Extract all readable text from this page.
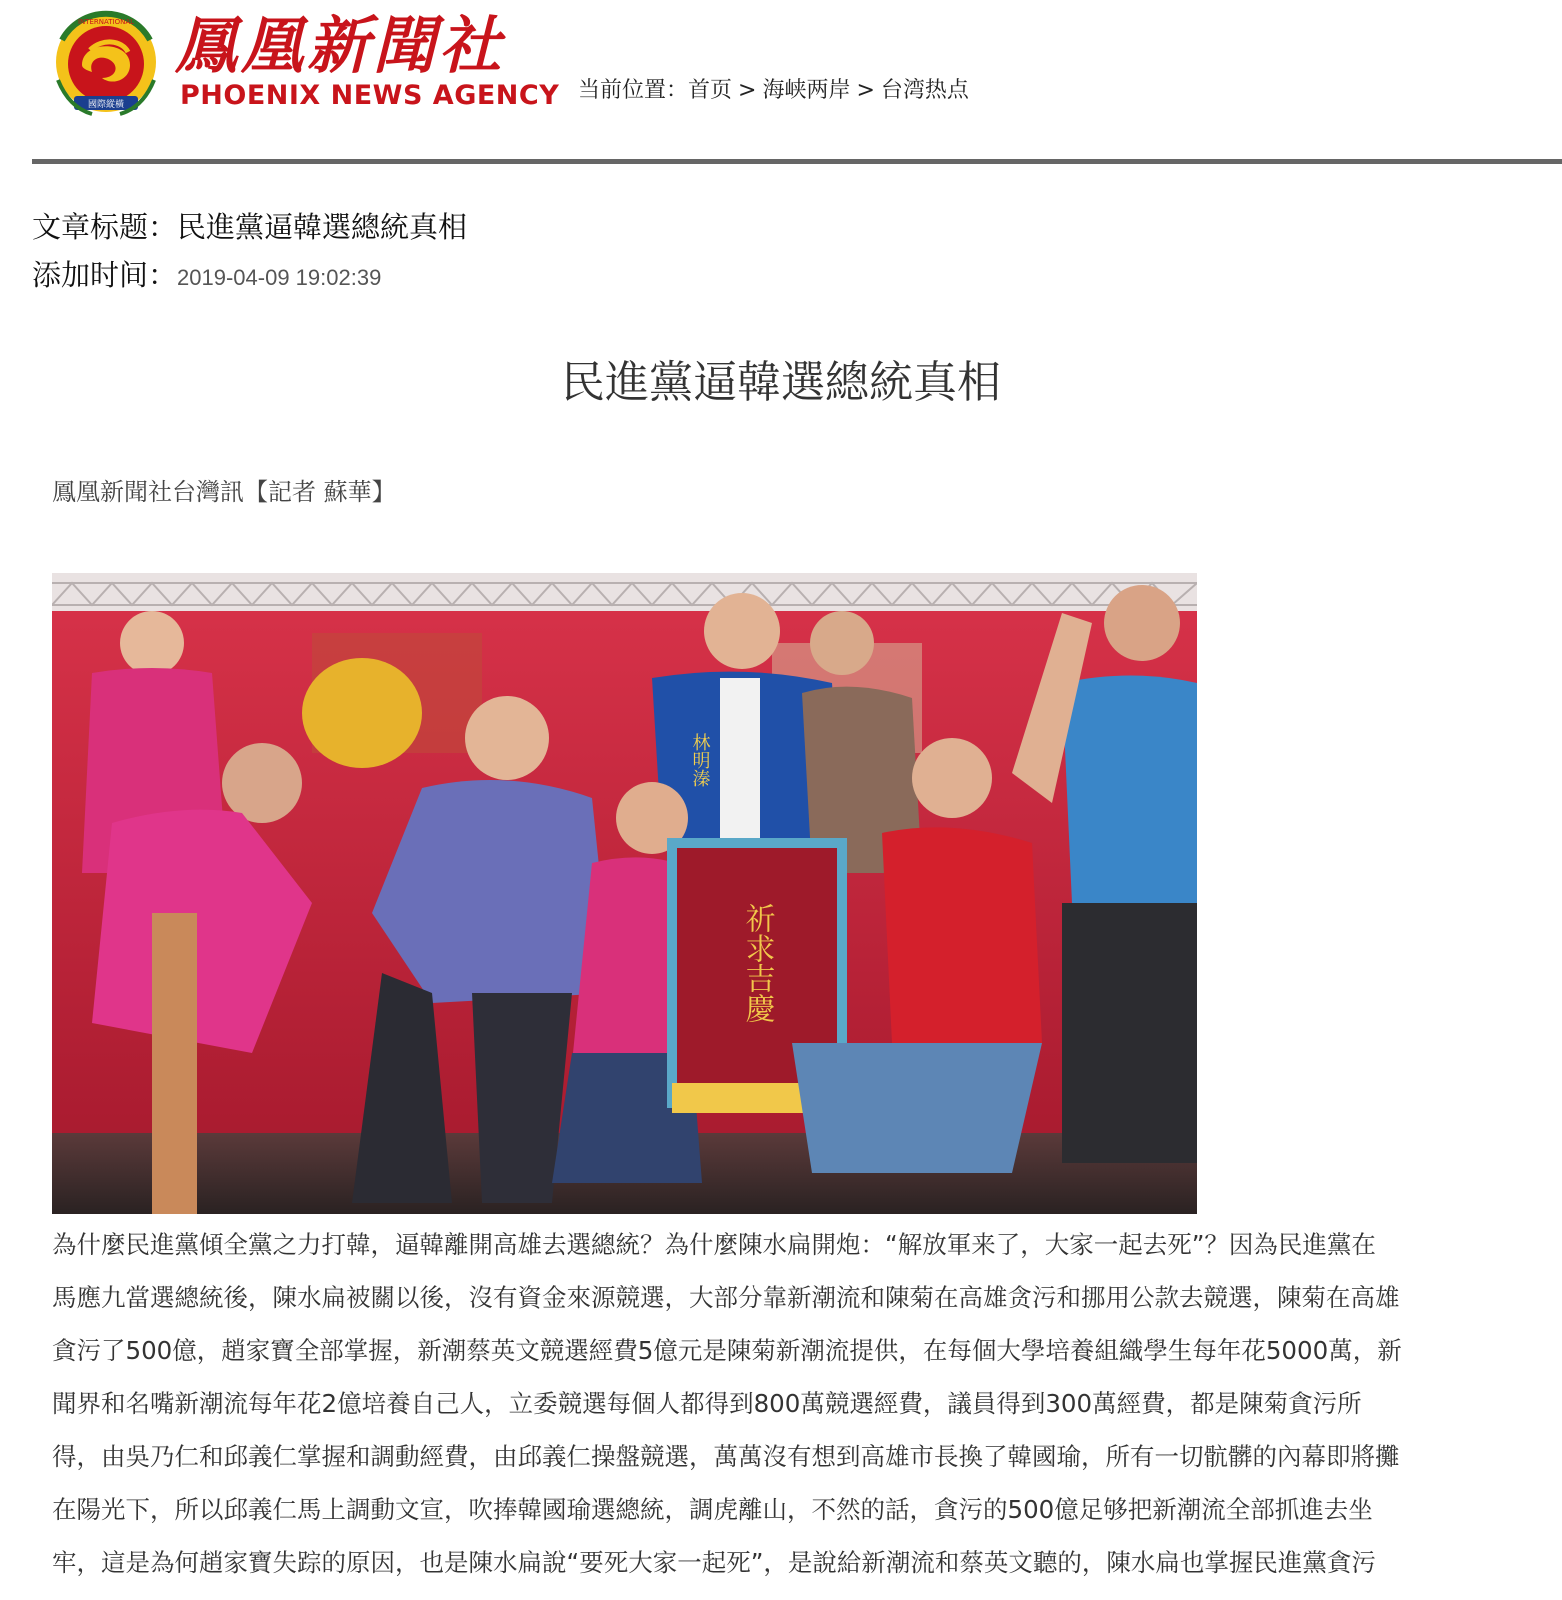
INTERNATIONAL
國際縱橫
鳳凰新聞社
PHOENIX NEWS AGENCY 当前位置：首页 > 海峡两岸 > 台湾热点
文章标题：民進黨逼韓選總統真相
添加时间：2019-04-09 19:02:39
民進黨逼韓選總統真相
鳳凰新聞社台灣訊【記者 蘇華】
林明溱
祈求吉慶
為什麼民進黨傾全黨之力打韓，逼韓離開高雄去選總統？為什麼陳水扁開炮：“解放軍来了，大家一起去死”？因為民進黨在
馬應九當選總統後，陳水扁被關以後，沒有資金來源競選，大部分靠新潮流和陳菊在高雄贪污和挪用公款去競選，陳菊在高雄
貪污了500億，趙家寶全部掌握，新潮蔡英文競選經費5億元是陳菊新潮流提供，在每個大學培養組織學生每年花5000萬，新
聞界和名嘴新潮流每年花2億培養自己人，立委競選每個人都得到800萬競選經費，議員得到300萬經費，都是陳菊貪污所
得，由吳乃仁和邱義仁掌握和調動經費，由邱義仁操盤競選，萬萬沒有想到高雄市長換了韓國瑜，所有一切骯髒的內幕即將攤
在陽光下，所以邱義仁馬上調動文宣，吹捧韓國瑜選總統，調虎離山，不然的話，貪污的500億足够把新潮流全部抓進去坐
牢，這是為何趙家寶失踪的原因，也是陳水扁說“要死大家一起死”，是說給新潮流和蔡英文聽的，陳水扁也掌握民進黨貪污
